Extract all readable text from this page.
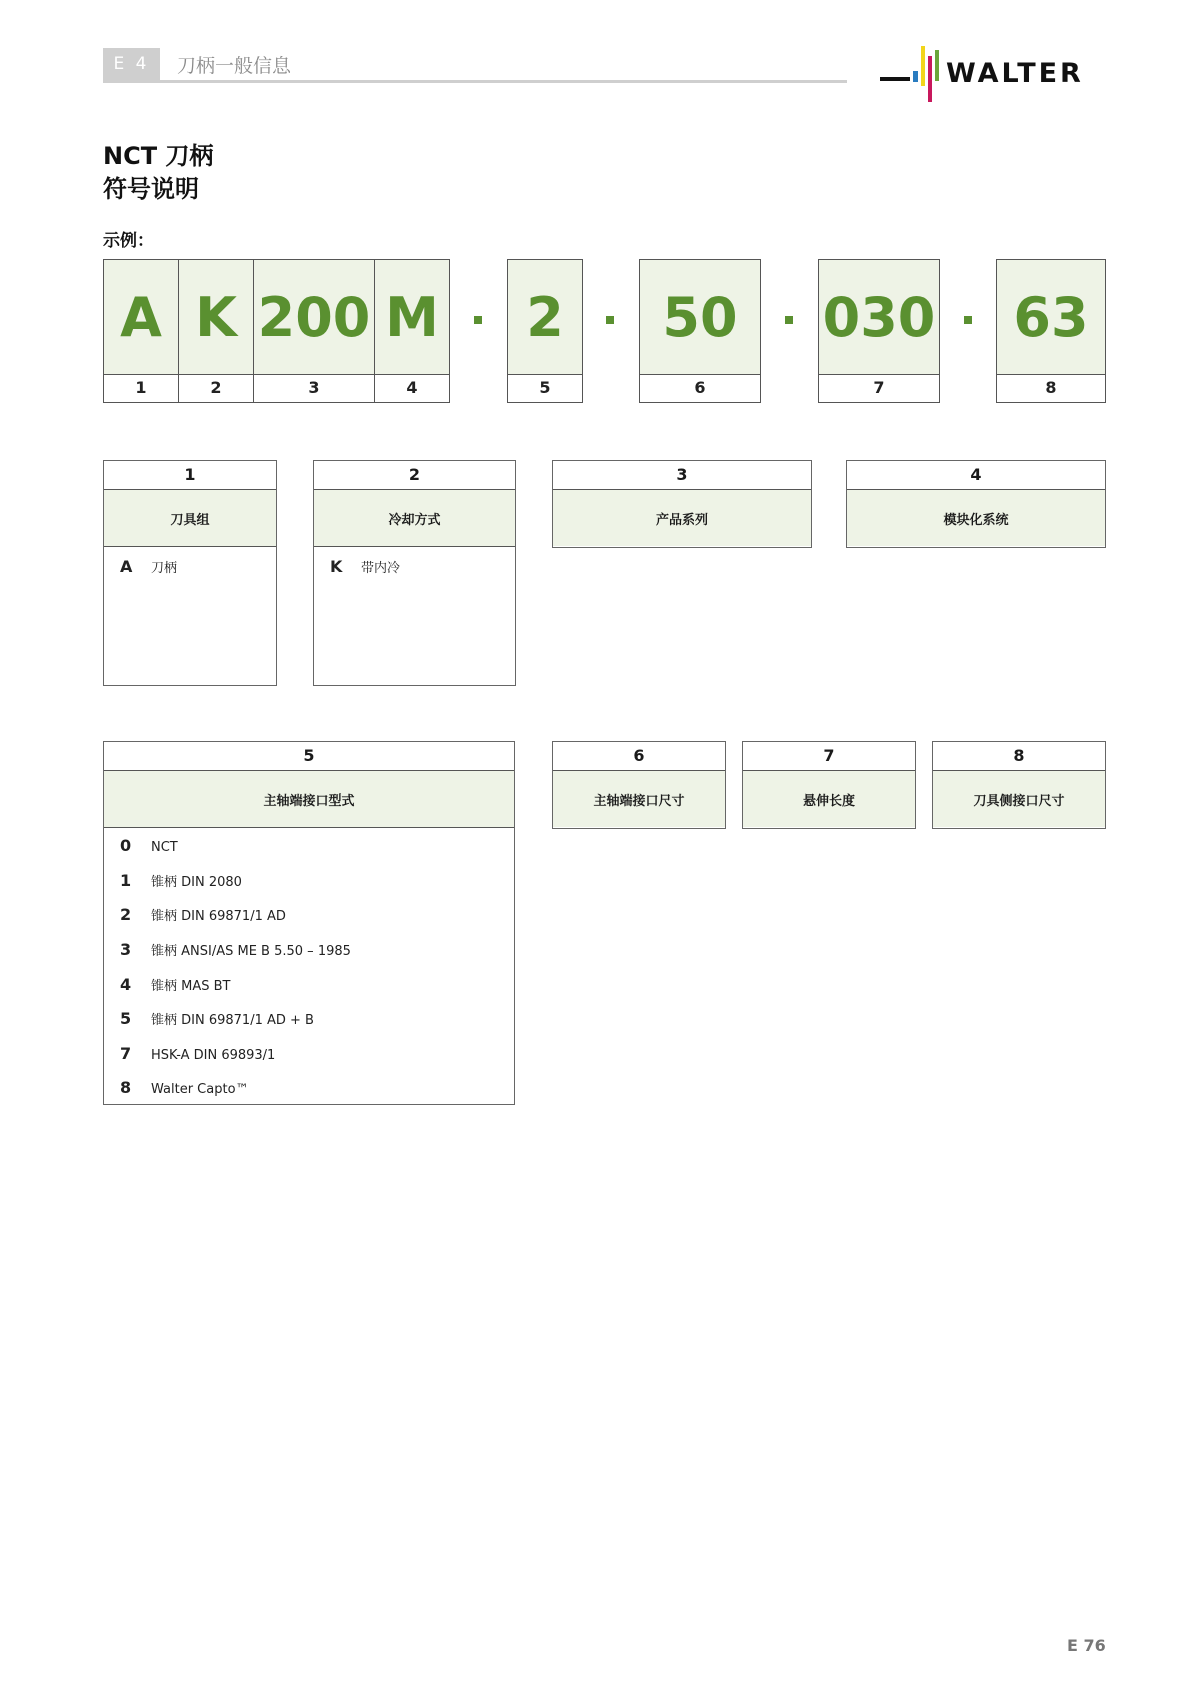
E 4	刀柄一般信息	WALTER
NCT 刀柄
符号说明
示例：
A
1
K
2
200
3
M
4
2
5
50
6
030
7
63
8
1
刀具组
A	刀柄
2
冷却方式
K	带内冷
3
产品系列
4
模块化系统
5
主轴端接口型式
0	NCT
1	锥柄 DIN 2080
2	锥柄 DIN 69871/1 AD
3	锥柄 ANSI/AS ME B 5.50 – 1985
4	锥柄 MAS BT
5	锥柄 DIN 69871/1 AD + B
7	HSK-A DIN 69893/1
8	Walter Capto™
6
主轴端接口尺寸
7
悬伸长度
8
刀具侧接口尺寸
E 76
